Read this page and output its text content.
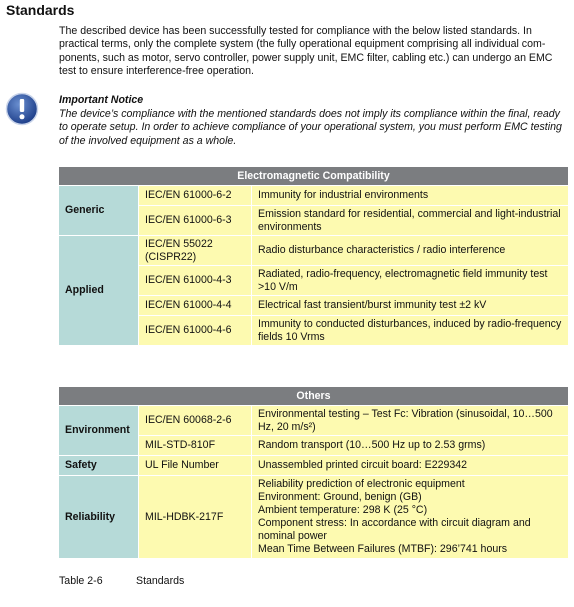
Standards

The described device has been successfully tested for compliance with the below listed standards. In practical terms, only the complete system (the fully operational equipment comprising all individual com-ponents, such as motor, servo controller, power supply unit, EMC filter, cabling etc.) can undergo an EMC test to ensure interference-free operation.

Important Notice

The device’s compliance with the mentioned standards does not imply its compliance within the final, ready to operate setup. In order to achieve compliance of your operational system, you must perform EMC testing of the involved equipment as a whole.

Electromagnetic Compatibility		
Generic	IEC/EN 61000-6-2	Immunity for industrial environments
	IEC/EN 61000-6-3	Emission standard for residential, commercial and light-industrial environments
Applied	IEC/EN 55022 (CISPR22)	Radio disturbance characteristics / radio interference
	IEC/EN 61000-4-3	Radiated, radio-frequency, electromagnetic field immunity test >10 V/m
	IEC/EN 61000-4-4	Electrical fast transient/burst immunity test ±2 kV
	IEC/EN 61000-4-6	Immunity to conducted disturbances, induced by radio-frequency fields 10 Vrms
Others		
Environment	IEC/EN 60068-2-6	Environmental testing – Test Fc: Vibration (sinusoidal, 10…500 Hz, 20 m/s²)
	MIL-STD-810F	Random transport (10…500 Hz up to 2.53 grms)
Safety	UL File Number	Unassembled printed circuit board: E229342
Reliability	MIL-HDBK-217F	Reliability prediction of electronic equipment
Environment: Ground, benign (GB)
Ambient temperature: 298 K (25 °C)
Component stress: In accordance with circuit diagram and nominal power
Mean Time Between Failures (MTBF): 296’741 hours
Table 2-6	Standards
